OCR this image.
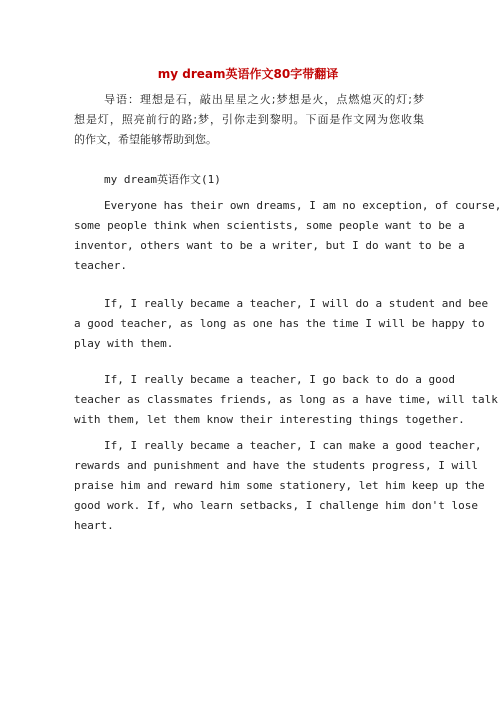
my dream英语作文80字带翻译
导语：理想是石，敲出星星之火;梦想是火，点燃熄灭的灯;梦
想是灯，照亮前行的路;梦，引你走到黎明。下面是作文网为您收集
的作文，希望能够帮助到您。
my dream英语作文(1)
Everyone has their own dreams, I am no exception, of course,
some people think when scientists, some people want to be a
inventor, others want to be a writer, but I do want to be a
teacher.
If, I really became a teacher, I will do a student and bee
a good teacher, as long as one has the time I will be happy to
play with them.
If, I really became a teacher, I go back to do a good
teacher as classmates friends, as long as a have time, will talk
with them, let them know their interesting things together.
If, I really became a teacher, I can make a good teacher,
rewards and punishment and have the students progress, I will
praise him and reward him some stationery, let him keep up the
good work. If, who learn setbacks, I challenge him don't lose
heart.
